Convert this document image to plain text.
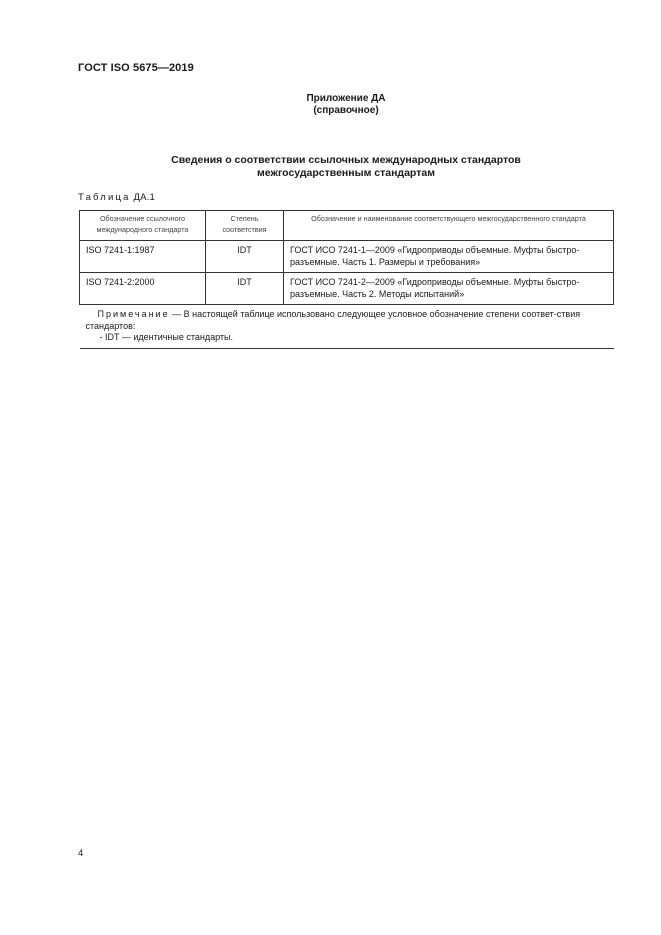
ГОСТ ISO 5675—2019
Приложение ДА
(справочное)
Сведения о соответствии ссылочных международных стандартов
межгосударственным стандартам
Таблица ДА.1
Обозначение ссылочного международного стандарта	Степень соответствия	Обозначение и наименование соответствующего межгосударственного стандарта
ISO 7241-1:1987	IDT	ГОСТ ИСО 7241-1—2009 «Гидроприводы объемные. Муфты быстро-разъемные. Часть 1. Размеры и требования»
ISO 7241-2:2000	IDT	ГОСТ ИСО 7241-2—2009 «Гидроприводы объемные. Муфты быстро-разъемные. Часть 2. Методы испытаний»

Примечание — В настоящей таблице использовано следующее условное обозначение степени соответ-ствия стандартов:
- IDT — идентичные стандарты.		
4
